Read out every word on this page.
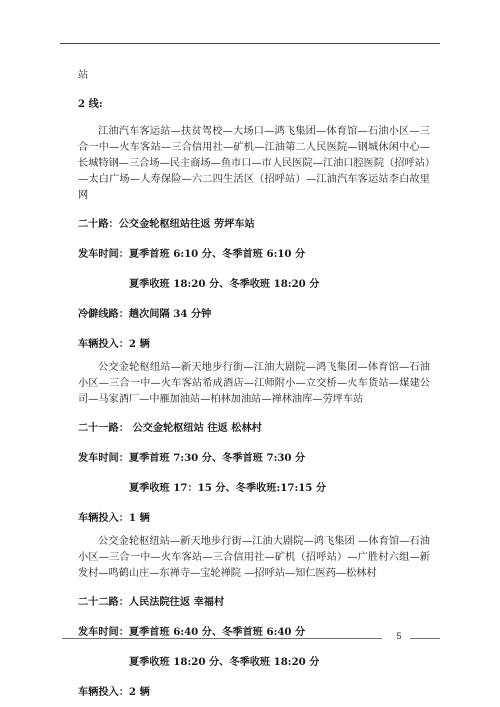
站

2 线:

江油汽车客运站—扶贫驾校—大场口—鸿飞集团—体育馆—石油小区—三合一中—火车客站—三合信用社—矿机—江油第二人民医院—钢城休闲中心—长城特钢—三合场—民主商场—鱼市口—市人民医院—江油口腔医院（招呼站）—太白广场—人寿保险—六二四生活区（招呼站）—江油汽车客运站李白故里网

二十路：公交金轮枢纽站往返 劳坪车站

发车时间：夏季首班 6:10 分、冬季首班 6:10 分

夏季收班 18:20 分、冬季收班 18:20 分

冷僻线路：趟次间隔 34 分钟

车辆投入：2 辆

公交金轮枢纽站—新天地步行街—江油大剧院—鸿飞集团—体育馆—石油小区—三合一中—火车客站希成酒店—江师附小—立交桥—火车货站—煤建公司—马家酒厂—中雁加油站—柏林加油站—禅林油库—劳坪车站

二十一路： 公交金轮枢纽站 往返 松林村

发车时间：夏季首班 7:30 分、冬季首班 7:30 分

夏季收班 17：15 分、冬季收班:17:15 分

车辆投入：1 辆

公交金轮枢纽站—新天地步行街—江油大剧院—鸿飞集团 —体育馆—石油小区—三合一中—火车客站—三合信用社—矿机（招呼站）—广胜村六组—新发村—鸣鹤山庄—东禅寺—宝轮禅院 —招呼站—知仁医药—松林村

二十二路：人民法院往返 幸福村

发车时间：夏季首班 6:40 分、冬季首班 6:40 分

夏季收班 18:20 分、冬季收班 18:20 分

车辆投入：2 辆

5
